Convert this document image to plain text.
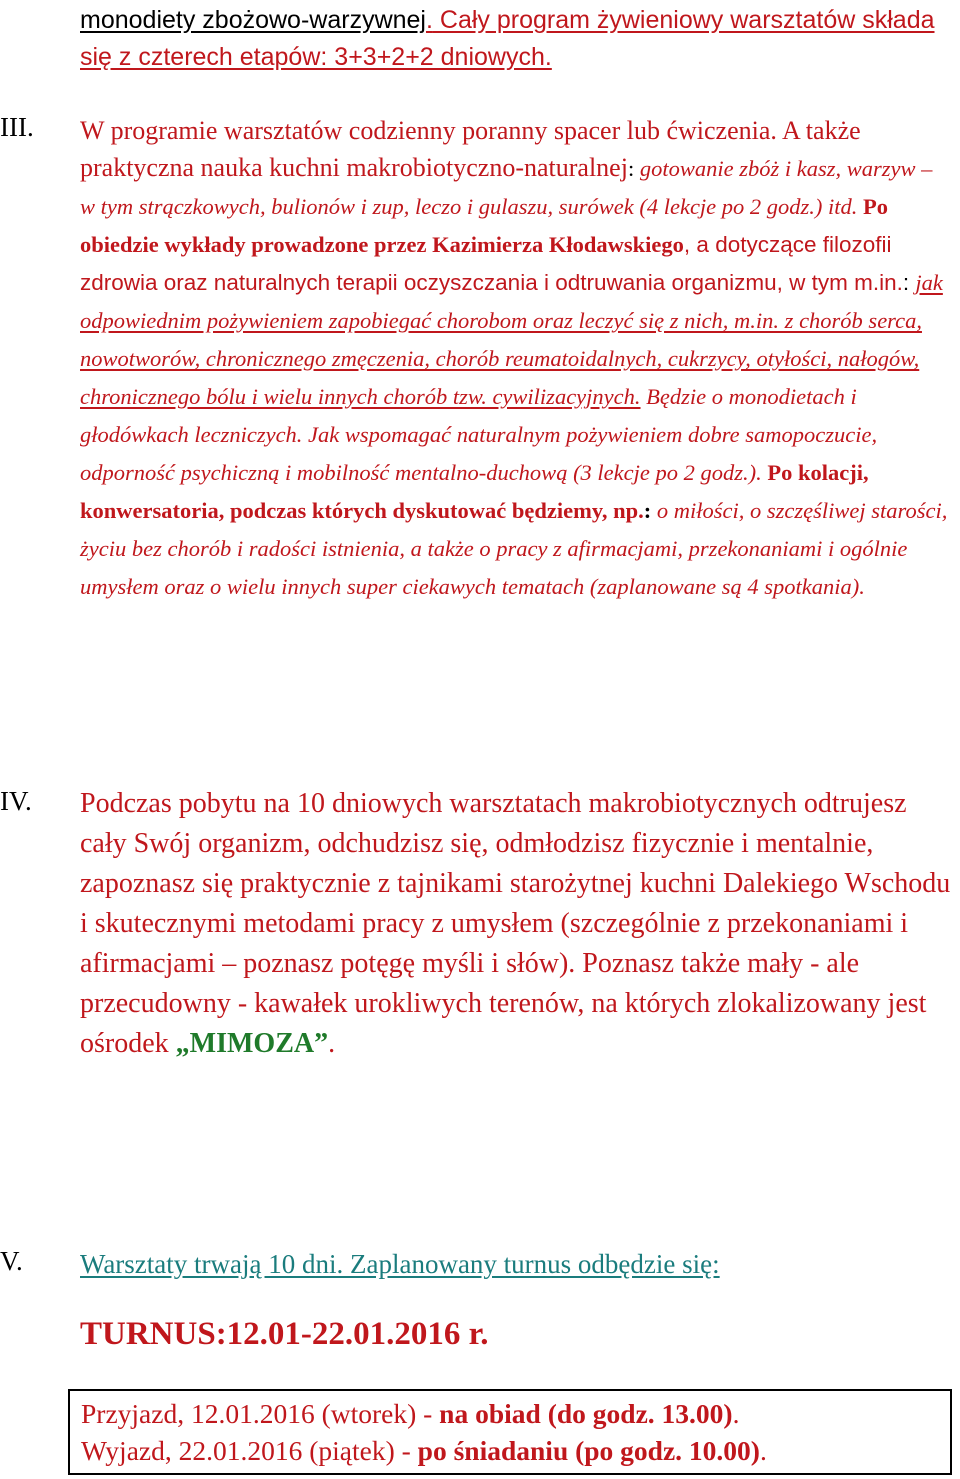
monodiety zbożowo-warzywnej. Cały program żywieniowy warsztatów składa się z czterech etapów: 3+3+2+2 dniowych.
III. W programie warsztatów codzienny poranny spacer lub ćwiczenia. A także praktyczna nauka kuchni makrobiotyczno-naturalnej: gotowanie zbóż i kasz, warzyw – w tym strączkowych, bulionów i zup, leczo i gulaszu, surówek (4 lekcje po 2 godz.) itd. Po obiedzie wykłady prowadzone przez Kazimierza Kłodawskiego, a dotyczące filozofii zdrowia oraz naturalnych terapii oczyszczania i odtruwania organizmu, w tym m.in.: jak odpowiednim pożywieniem zapobiegać chorobom oraz leczyć się z nich, m.in. z chorób serca, nowotworów, chronicznego zmęczenia, chorób reumatoidalnych, cukrzycy, otyłości, nałogów, chronicznego bólu i wielu innych chorób tzw. cywilizacyjnych. Będzie o monodietach i głodówkach leczniczych. Jak wspomagać naturalnym pożywieniem dobre samopoczucie, odporność psychiczną i mobilność mentalno-duchową (3 lekcje po 2 godz.). Po kolacji, konwersatoria, podczas których dyskutować będziemy, np.: o miłości, o szczęśliwej starości, życiu bez chorób i radości istnienia, a także o pracy z afirmacjami, przekonaniami i ogólnie umysłem oraz o wielu innych super ciekawych tematach (zaplanowane są 4 spotkania).
IV. Podczas pobytu na 10 dniowych warsztatach makrobiotycznych odtrujesz cały Swój organizm, odchudzisz się, odmłodzisz fizycznie i mentalnie, zapoznasz się praktycznie z tajnikami starożytnej kuchni Dalekiego Wschodu i skutecznymi metodami pracy z umysłem (szczególnie z przekonaniami i afirmacjami – poznasz potęgę myśli i słów). Poznasz także mały - ale przecudowny - kawałek urokliwych terenów, na których zlokalizowany jest ośrodek „MIMOZA”.
V. Warsztaty trwają 10 dni. Zaplanowany turnus odbędzie się:
TURNUS:12.01-22.01.2016 r.
Przyjazd, 12.01.2016 (wtorek) - na obiad (do godz. 13.00).
Wyjazd, 22.01.2016 (piątek) - po śniadaniu (po godz. 10.00).
